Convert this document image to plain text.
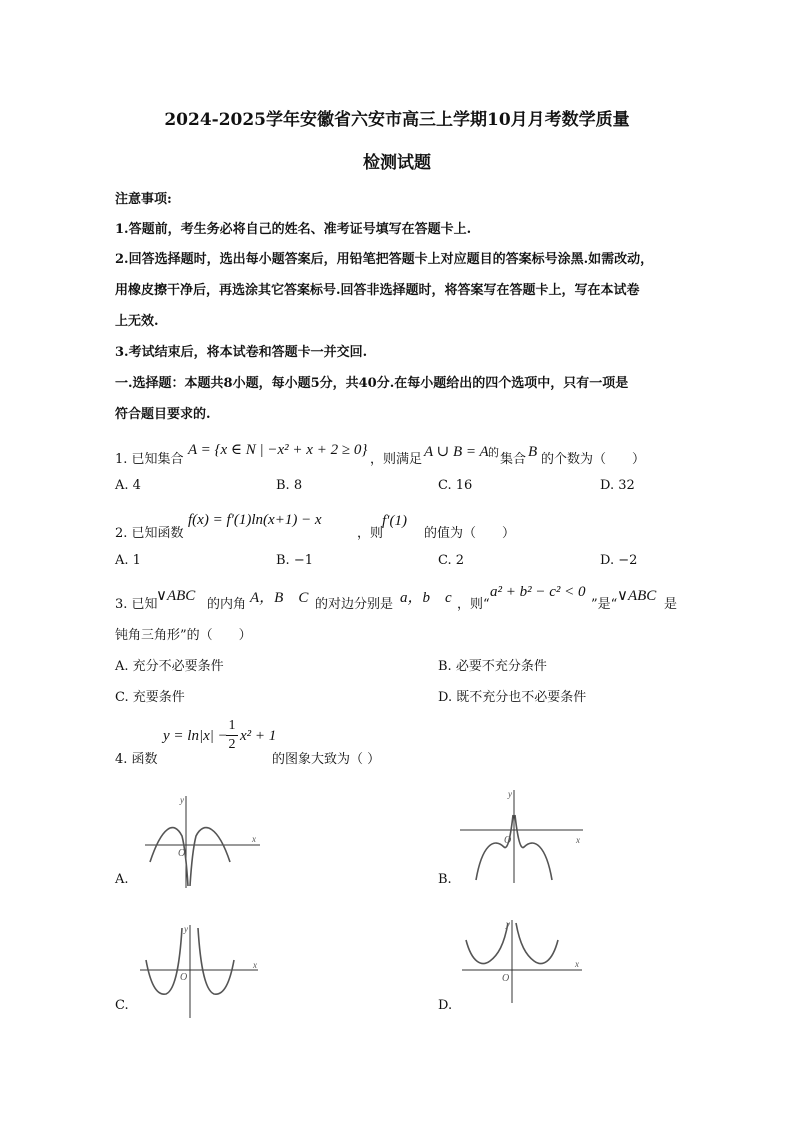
2024-2025学年安徽省六安市高三上学期10月月考数学质量
检测试题
注意事项:
1.答题前，考生务必将自己的姓名、准考证号填写在答题卡上.
2.回答选择题时，选出每小题答案后，用铅笔把答题卡上对应题目的答案标号涂黑.如需改动，
用橡皮擦干净后，再选涂其它答案标号.回答非选择题时，将答案写在答题卡上，写在本试卷
上无效.
3.考试结束后，将本试卷和答题卡一并交回.
一.选择题：本题共8小题，每小题5分，共40分.在每小题给出的四个选项中，只有一项是
符合题目要求的.
1. 已知集合
A = {x ∈ N | −x² + x + 2 ≥ 0}
，则满足 A ∪ B = A 的 集合 B 的个数为（　　）
A. 4	B. 8	C. 16	D. 32
2. 已知函数
f(x) = f′(1)ln(x+1) − x
，则
f′(1)
的值为（　　）
A. 1	B. −1	C. 2	D. −2
3. 已知
∨ABC
的内角 A，B　C 的对边分别是 a，b　c ，则“
a² + b² − c² < 0
”是“
∨ABC
是
钝角三角形”的（　　）
A. 充分不必要条件	B. 必要不充分条件
C. 充要条件	D. 既不充分也不必要条件
4. 函数
y = ln|x| −
1
2
x² + 1
的图象大致为（ ）
A.
y
x
O
B.
y
x
O
C.
y
x
O
D.
y
x
O
